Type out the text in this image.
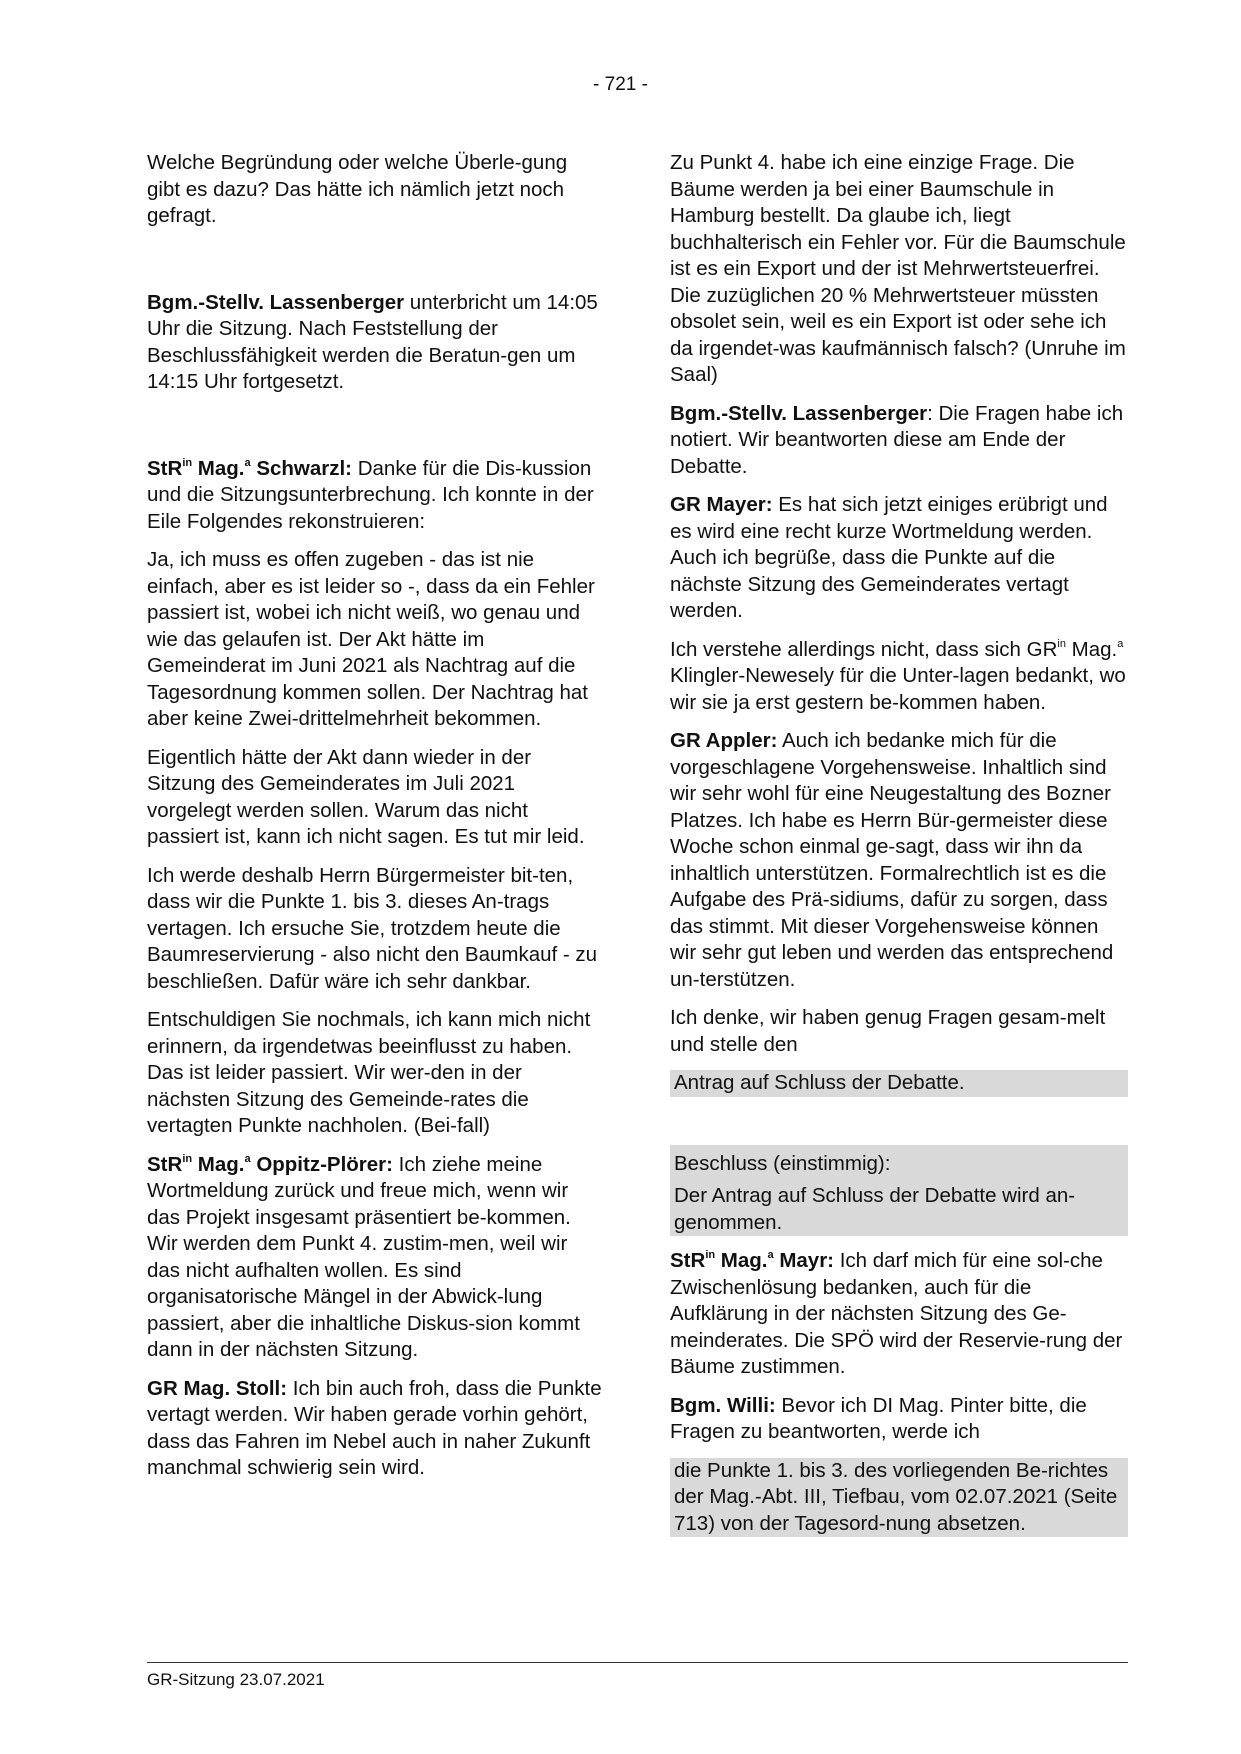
- 721 -

Welche Begründung oder welche Überle-gung gibt es dazu? Das hätte ich nämlich jetzt noch gefragt.

Bgm.-Stellv. Lassenberger unterbricht um 14:05 Uhr die Sitzung. Nach Feststellung der Beschlussfähigkeit werden die Beratun-gen um 14:15 Uhr fortgesetzt.

StR$^{in}$ Mag.$^a$ Schwarzl: Danke für die Dis-kussion und die Sitzungsunterbrechung. Ich konnte in der Eile Folgendes rekonstruieren:

Ja, ich muss es offen zugeben - das ist nie einfach, aber es ist leider so -, dass da ein Fehler passiert ist, wobei ich nicht weiß, wo genau und wie das gelaufen ist. Der Akt hätte im Gemeinderat im Juni 2021 als Nachtrag auf die Tagesordnung kommen sollen. Der Nachtrag hat aber keine Zwei-drittelmehrheit bekommen.

Eigentlich hätte der Akt dann wieder in der Sitzung des Gemeinderates im Juli 2021 vorgelegt werden sollen. Warum das nicht passiert ist, kann ich nicht sagen. Es tut mir leid.

Ich werde deshalb Herrn Bürgermeister bit-ten, dass wir die Punkte 1. bis 3. dieses An-trags vertagen. Ich ersuche Sie, trotzdem heute die Baumreservierung - also nicht den Baumkauf - zu beschließen. Dafür wäre ich sehr dankbar.

Entschuldigen Sie nochmals, ich kann mich nicht erinnern, da irgendetwas beeinflusst zu haben. Das ist leider passiert. Wir wer-den in der nächsten Sitzung des Gemeinde-rates die vertagten Punkte nachholen. (Bei-fall)

StR$^{in}$ Mag.$^a$ Oppitz-Plörer: Ich ziehe meine Wortmeldung zurück und freue mich, wenn wir das Projekt insgesamt präsentiert be-kommen. Wir werden dem Punkt 4. zustim-men, weil wir das nicht aufhalten wollen. Es sind organisatorische Mängel in der Abwick-lung passiert, aber die inhaltliche Diskus-sion kommt dann in der nächsten Sitzung.

GR Mag. Stoll: Ich bin auch froh, dass die Punkte vertagt werden. Wir haben gerade vorhin gehört, dass das Fahren im Nebel auch in naher Zukunft manchmal schwierig sein wird.

Zu Punkt 4. habe ich eine einzige Frage. Die Bäume werden ja bei einer Baumschule in Hamburg bestellt. Da glaube ich, liegt buchhalterisch ein Fehler vor. Für die Baumschule ist es ein Export und der ist Mehrwertsteuerfrei. Die zuzüglichen 20 % Mehrwertsteuer müssten obsolet sein, weil es ein Export ist oder sehe ich da irgendet-was kaufmännisch falsch? (Unruhe im Saal)

Bgm.-Stellv. Lassenberger: Die Fragen habe ich notiert. Wir beantworten diese am Ende der Debatte.

GR Mayer: Es hat sich jetzt einiges erübrigt und es wird eine recht kurze Wortmeldung werden. Auch ich begrüße, dass die Punkte auf die nächste Sitzung des Gemeinderates vertagt werden.

Ich verstehe allerdings nicht, dass sich $GR^{in}$ Mag.$^a$ Klingler-Newesely für die Unter-lagen bedankt, wo wir sie ja erst gestern be-kommen haben.

GR Appler: Auch ich bedanke mich für die vorgeschlagene Vorgehensweise. Inhaltlich sind wir sehr wohl für eine Neugestaltung des Bozner Platzes. Ich habe es Herrn Bür-germeister diese Woche schon einmal ge-sagt, dass wir ihn da inhaltlich unterstützen. Formalrechtlich ist es die Aufgabe des Prä-sidiums, dafür zu sorgen, dass das stimmt. Mit dieser Vorgehensweise können wir sehr gut leben und werden das entsprechend un-terstützen.

Ich denke, wir haben genug Fragen gesam-melt und stelle den

Antrag auf Schluss der Debatte.

Beschluss (einstimmig):

Der Antrag auf Schluss der Debatte wird an-genommen.

StR$^{in}$ Mag.$^a$ Mayr: Ich darf mich für eine sol-che Zwischenlösung bedanken, auch für die Aufklärung in der nächsten Sitzung des Ge-meinderates. Die SPÖ wird der Reservie-rung der Bäume zustimmen.

Bgm. Willi: Bevor ich DI Mag. Pinter bitte, die Fragen zu beantworten, werde ich

die Punkte 1. bis 3. des vorliegenden Be-richtes der Mag.-Abt. III, Tiefbau, vom 02.07.2021 (Seite 713) von der Tagesord-nung absetzen.

GR-Sitzung 23.07.2021
